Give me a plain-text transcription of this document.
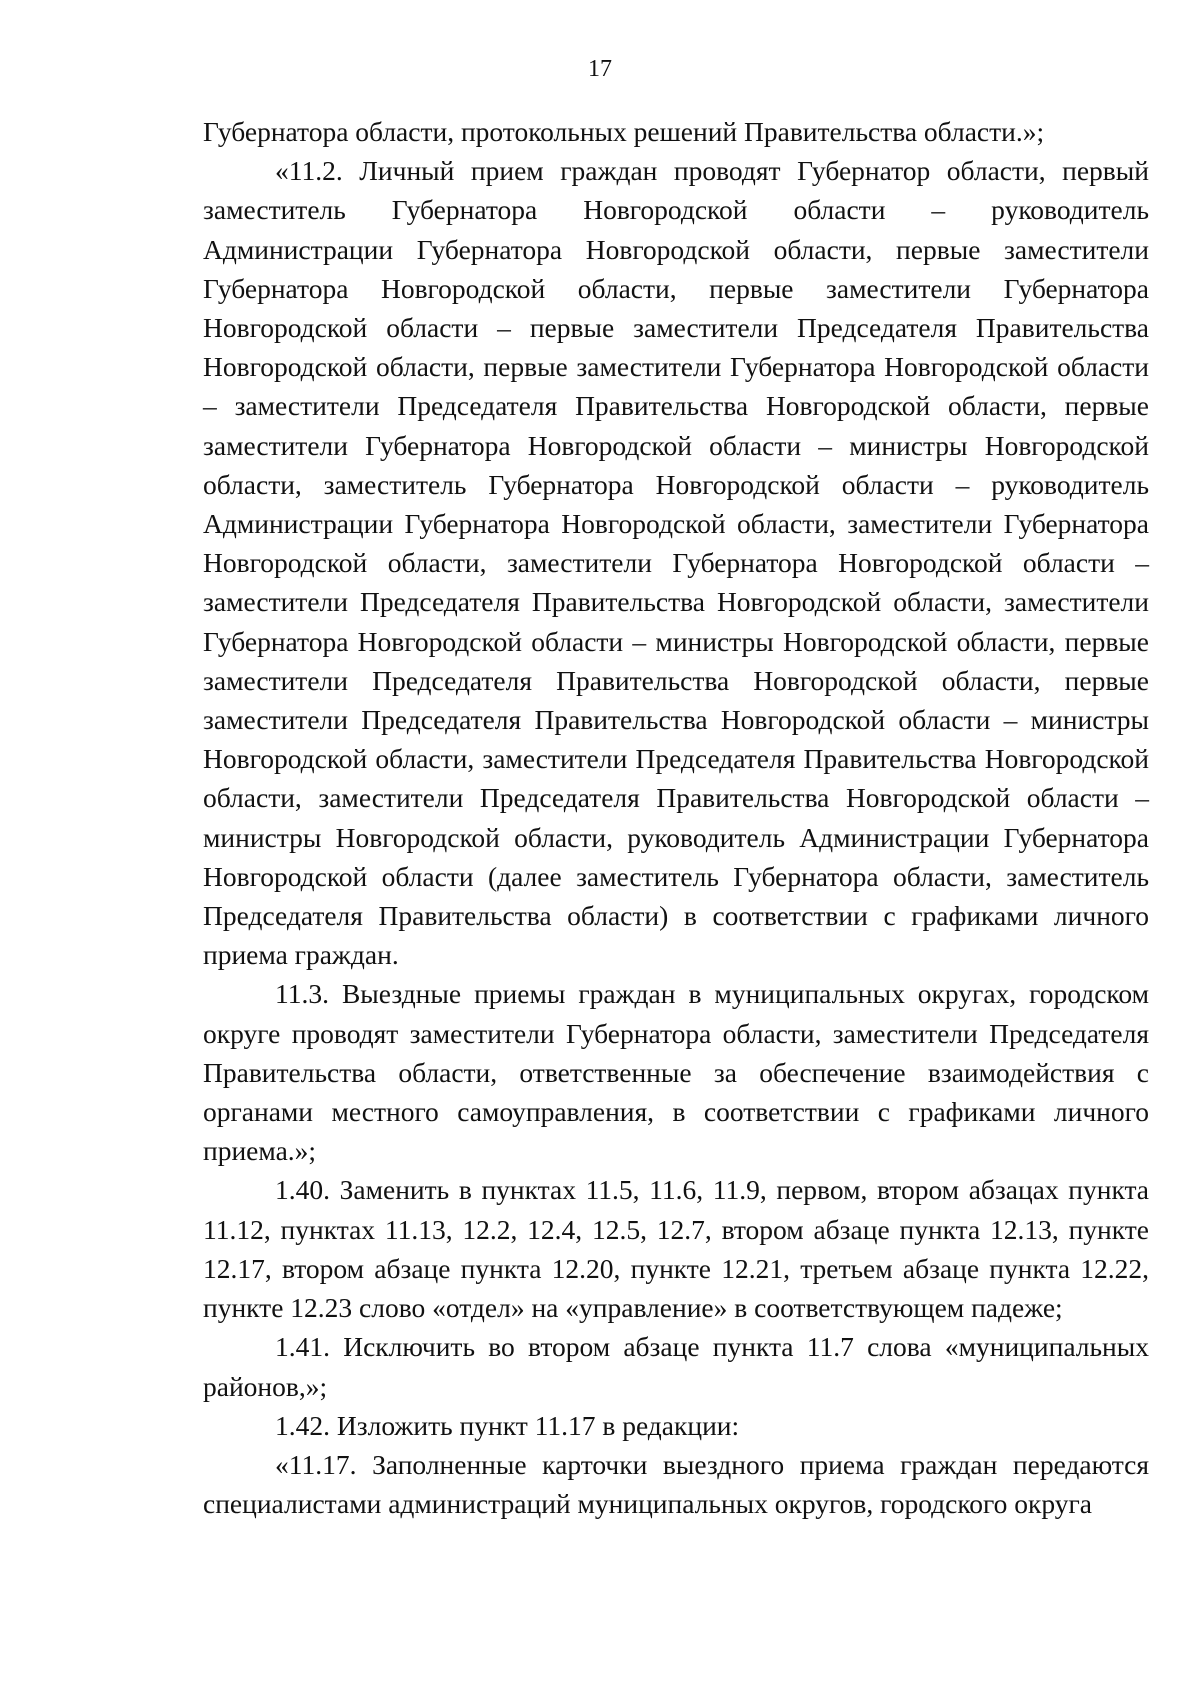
17

Губернатора области, протокольных решений Правительства области.»;

«11.2. Личный прием граждан проводят Губернатор области, первый заместитель Губернатора Новгородской области – руководитель Администрации Губернатора Новгородской области, первые заместители Губернатора Новгородской области, первые заместители Губернатора Новгородской области – первые заместители Председателя Правительства Новгородской области, первые заместители Губернатора Новгородской области – заместители Председателя Правительства Новгородской области, первые заместители Губернатора Новгородской области – министры Новгородской области, заместитель Губернатора Новгородской области – руководитель Администрации Губернатора Новгородской области, заместители Губернатора Новгородской области, заместители Губернатора Новгородской области – заместители Председателя Правительства Новгородской области, заместители Губернатора Новгородской области – министры Новгородской области, первые заместители Председателя Правительства Новгородской области, первые заместители Председателя Правительства Новгородской области – министры Новгородской области, заместители Председателя Правительства Новгородской области, заместители Председателя Правительства Новгородской области – министры Новгородской области, руководитель Администрации Губернатора Новгородской области (далее заместитель Губернатора области, заместитель Председателя Правительства области) в соответствии с графиками личного приема граждан.

11.3. Выездные приемы граждан в муниципальных округах, городском округе проводят заместители Губернатора области, заместители Председателя Правительства области, ответственные за обеспечение взаимодействия с органами местного самоуправления, в соответствии с графиками личного приема.»;

1.40. Заменить в пунктах 11.5, 11.6, 11.9, первом, втором абзацах пункта 11.12, пунктах 11.13, 12.2, 12.4, 12.5, 12.7, втором абзаце пункта 12.13, пункте 12.17, втором абзаце пункта 12.20, пункте 12.21, третьем абзаце пункта 12.22, пункте 12.23 слово «отдел» на «управление» в соответствующем падеже;

1.41. Исключить во втором абзаце пункта 11.7 слова «муниципальных районов,»;

1.42. Изложить пункт 11.17 в редакции:

«11.17. Заполненные карточки выездного приема граждан передаются специалистами администраций муниципальных округов, городского округа
